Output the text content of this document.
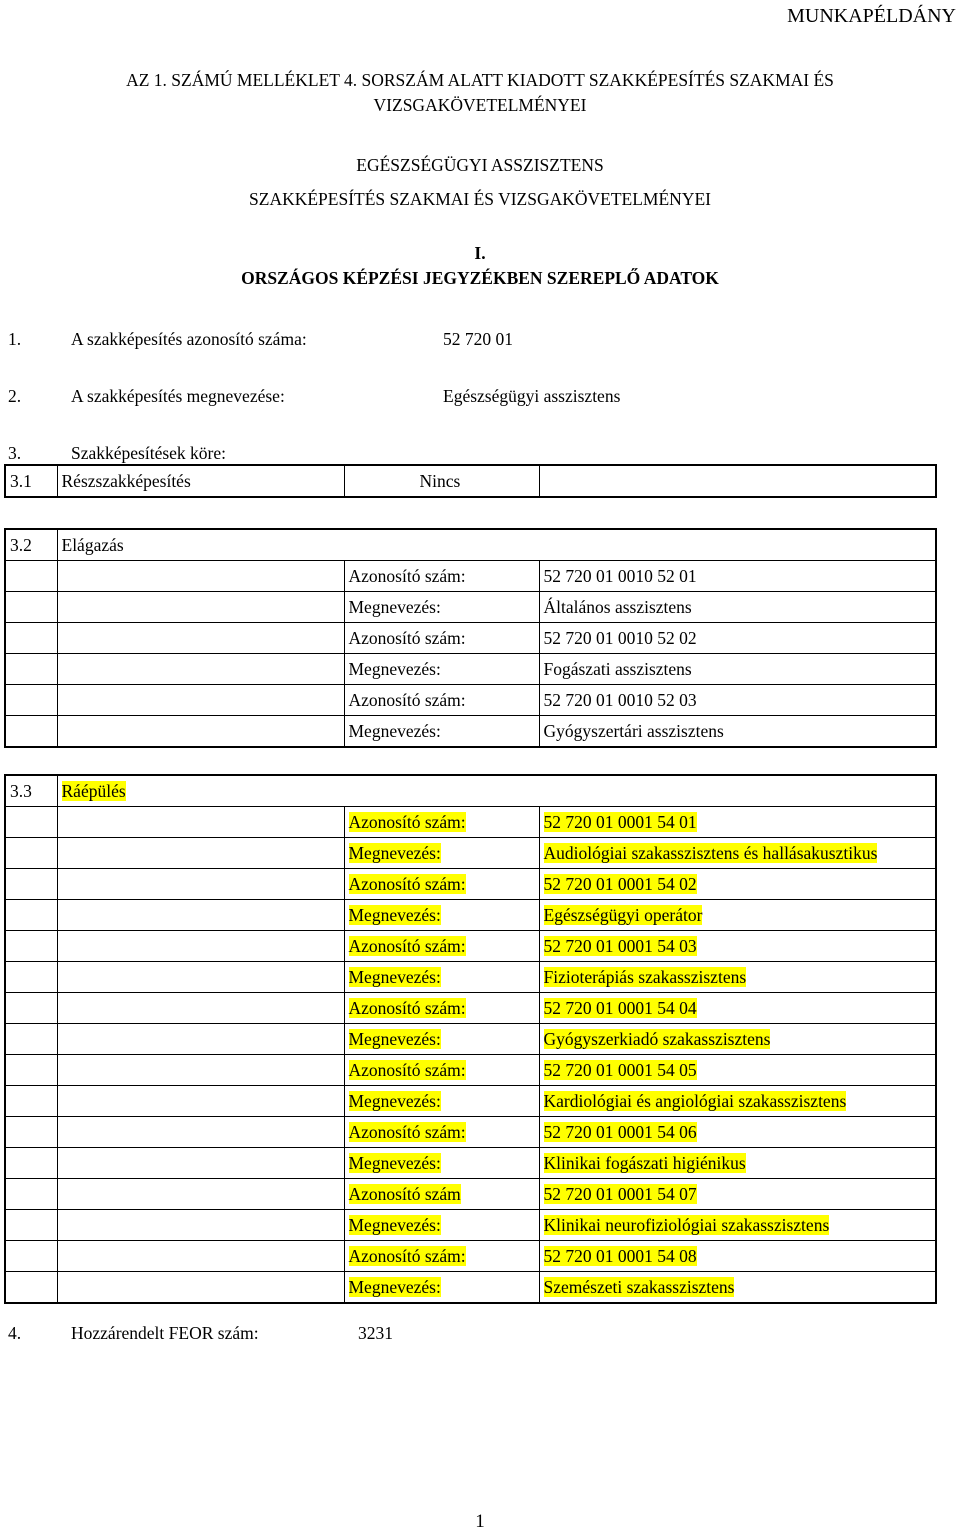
MUNKAPÉLDÁNY
AZ 1. SZÁMÚ MELLÉKLET 4. SORSZÁM ALATT KIADOTT SZAKKÉPESÍTÉS SZAKMAI ÉS
VIZSGAKÖVETELMÉNYEI
EGÉSZSÉGÜGYI ASSZISZTENS
SZAKKÉPESÍTÉS SZAKMAI ÉS VIZSGAKÖVETELMÉNYEI
I.
ORSZÁGOS KÉPZÉSI JEGYZÉKBEN SZEREPLŐ ADATOK
1.	A szakképesítés azonosító száma:	52 720 01
2.	A szakképesítés megnevezése:	Egészségügyi asszisztens
3.	Szakképesítések köre:
3.1	Részszakképesítés	Nincs	
3.2	Elágazás		
		Azonosító szám:	52 720 01 0010 52 01
		Megnevezés:	Általános asszisztens
		Azonosító szám:	52 720 01 0010 52 02
		Megnevezés:	Fogászati asszisztens
		Azonosító szám:	52 720 01 0010 52 03
		Megnevezés:	Gyógyszertári asszisztens
3.3	Ráépülés		
		Azonosító szám:	52 720 01 0001 54 01
		Megnevezés:	Audiológiai szakasszisztens és hallásakusztikus
		Azonosító szám:	52 720 01 0001 54 02
		Megnevezés:	Egészségügyi operátor
		Azonosító szám:	52 720 01 0001 54 03
		Megnevezés:	Fizioterápiás szakasszisztens
		Azonosító szám:	52 720 01 0001 54 04
		Megnevezés:	Gyógyszerkiadó szakasszisztens
		Azonosító szám:	52 720 01 0001 54 05
		Megnevezés:	Kardiológiai és angiológiai szakasszisztens
		Azonosító szám:	52 720 01 0001 54 06
		Megnevezés:	Klinikai fogászati higiénikus
		Azonosító szám	52 720 01 0001 54 07
		Megnevezés:	Klinikai neurofiziológiai szakasszisztens
		Azonosító szám:	52 720 01 0001 54 08
		Megnevezés:	Szemészeti szakasszisztens
4.	Hozzárendelt FEOR szám:	3231
1
